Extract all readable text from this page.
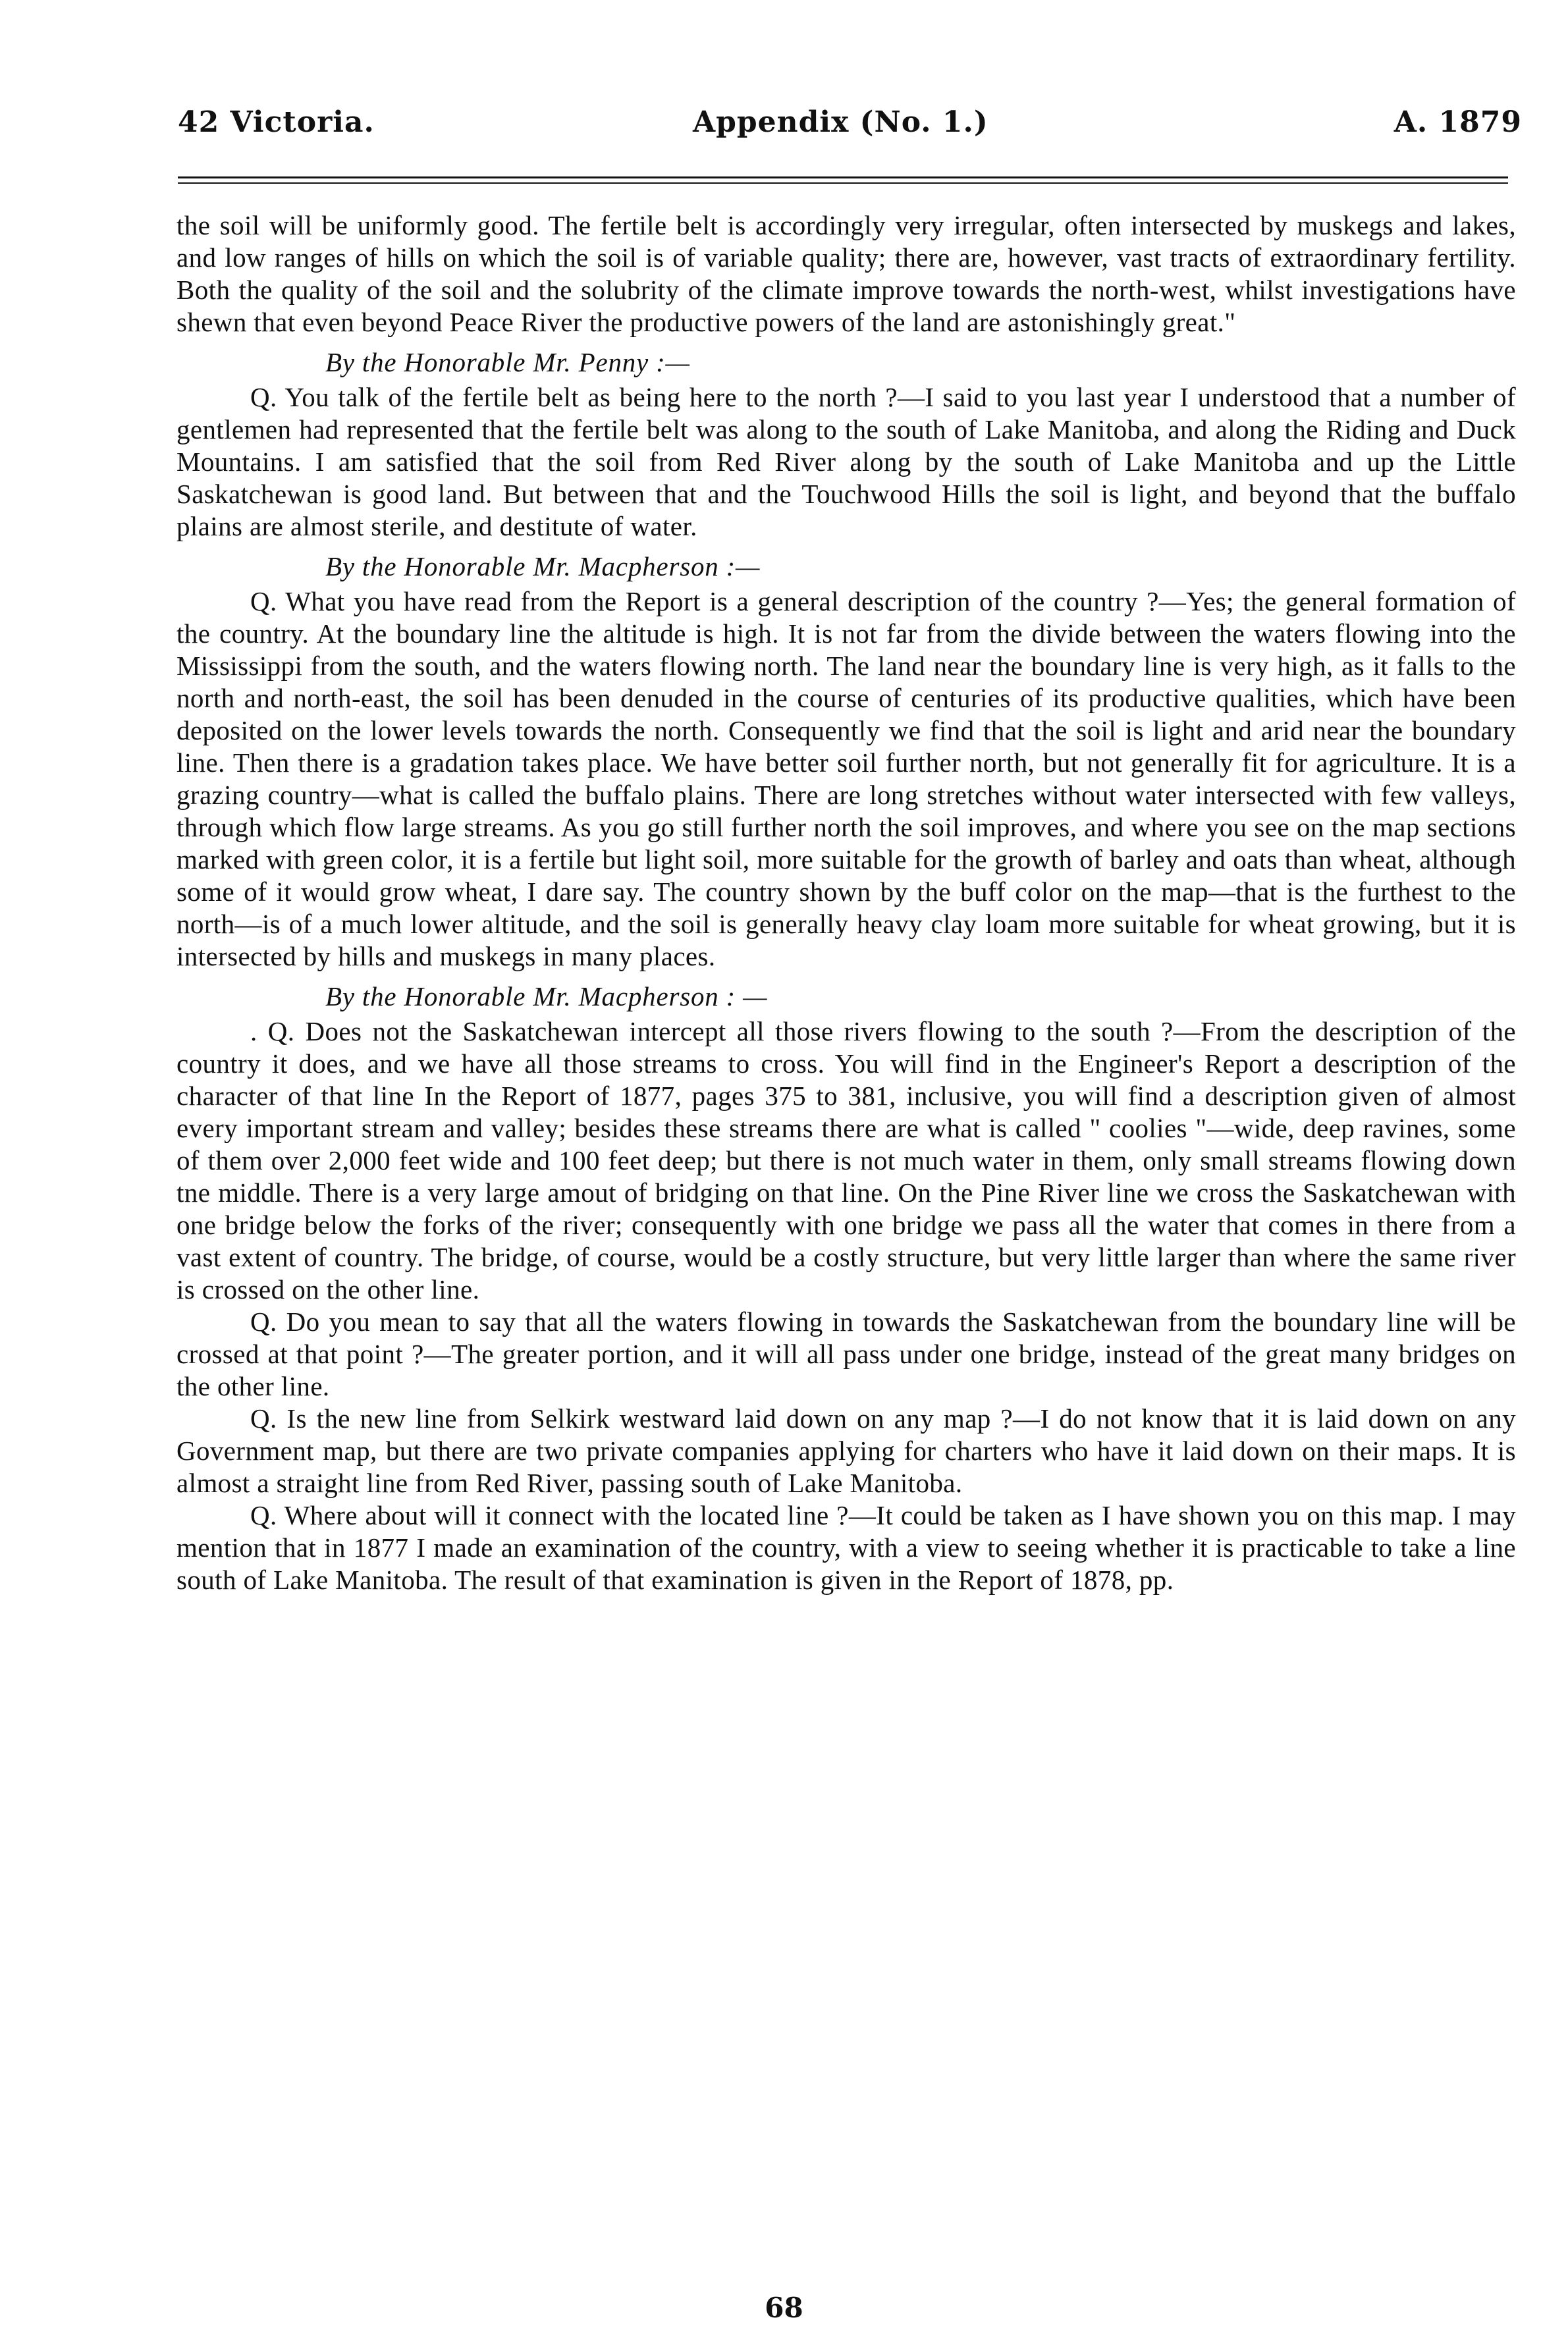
42 Victoria.	Appendix (No. 1.)	A. 1879

the soil will be uniformly good. The fertile belt is accordingly very irregular, often intersected by muskegs and lakes, and low ranges of hills on which the soil is of variable quality; there are, however, vast tracts of extraordinary fertility. Both the quality of the soil and the solubrity of the climate improve towards the north-west, whilst investigations have shewn that even beyond Peace River the productive powers of the land are astonishingly great."

By the Honorable Mr. Penny :—

Q. You talk of the fertile belt as being here to the north ?—I said to you last year I understood that a number of gentlemen had represented that the fertile belt was along to the south of Lake Manitoba, and along the Riding and Duck Mountains. I am satisfied that the soil from Red River along by the south of Lake Manitoba and up the Little Saskatchewan is good land. But between that and the Touchwood Hills the soil is light, and beyond that the buffalo plains are almost sterile, and destitute of water.

By the Honorable Mr. Macpherson :—

Q. What you have read from the Report is a general description of the country ?—Yes; the general formation of the country. At the boundary line the altitude is high. It is not far from the divide between the waters flowing into the Mississippi from the south, and the waters flowing north. The land near the boundary line is very high, as it falls to the north and north-east, the soil has been denuded in the course of centuries of its productive qualities, which have been deposited on the lower levels towards the north. Consequently we find that the soil is light and arid near the boundary line. Then there is a gradation takes place. We have better soil further north, but not generally fit for agriculture. It is a grazing country—what is called the buffalo plains. There are long stretches without water intersected with few valleys, through which flow large streams. As you go still further north the soil improves, and where you see on the map sections marked with green color, it is a fertile but light soil, more suitable for the growth of barley and oats than wheat, although some of it would grow wheat, I dare say. The country shown by the buff color on the map—that is the furthest to the north—is of a much lower altitude, and the soil is generally heavy clay loam more suitable for wheat growing, but it is intersected by hills and muskegs in many places.

By the Honorable Mr. Macpherson : —

. Q. Does not the Saskatchewan intercept all those rivers flowing to the south ?—From the description of the country it does, and we have all those streams to cross. You will find in the Engineer's Report a description of the character of that line In the Report of 1877, pages 375 to 381, inclusive, you will find a description given of almost every important stream and valley; besides these streams there are what is called " coolies "—wide, deep ravines, some of them over 2,000 feet wide and 100 feet deep; but there is not much water in them, only small streams flowing down tne middle. There is a very large amout of bridging on that line. On the Pine River line we cross the Saskatchewan with one bridge below the forks of the river; consequently with one bridge we pass all the water that comes in there from a vast extent of country. The bridge, of course, would be a costly structure, but very little larger than where the same river is crossed on the other line.

Q. Do you mean to say that all the waters flowing in towards the Saskatchewan from the boundary line will be crossed at that point ?—The greater portion, and it will all pass under one bridge, instead of the great many bridges on the other line.

Q. Is the new line from Selkirk westward laid down on any map ?—I do not know that it is laid down on any Government map, but there are two private companies applying for charters who have it laid down on their maps. It is almost a straight line from Red River, passing south of Lake Manitoba.

Q. Where about will it connect with the located line ?—It could be taken as I have shown you on this map. I may mention that in 1877 I made an examination of the country, with a view to seeing whether it is practicable to take a line south of Lake Manitoba. The result of that examination is given in the Report of 1878, pp.

68
